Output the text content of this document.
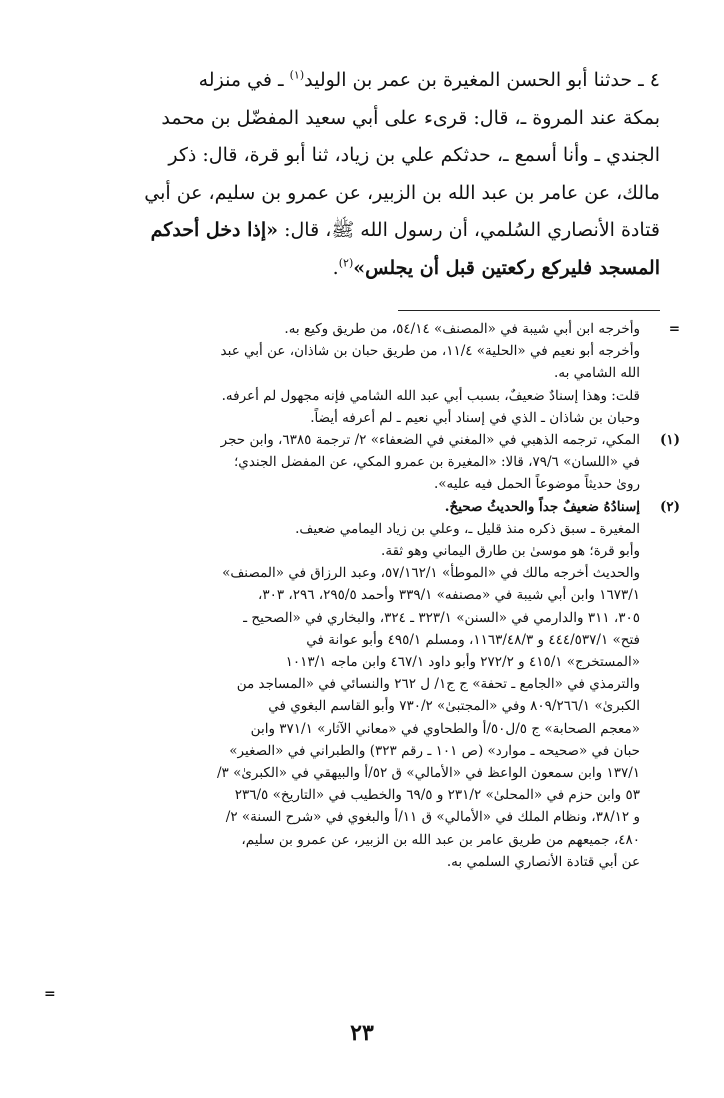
٤ ـ حدثنا أبو الحسن المغيرة بن عمر بن الوليد$^{(١)}$ ـ في منزله

بمكة عند المروة ـ، قال: قرىء على أبي سعيد المفضّل بن محمد

الجندي ـ وأنا أسمع ـ، حدثكم علي بن زياد، ثنا أبو قرة، قال: ذكر

مالك، عن عامر بن عبد الله بن الزبير، عن عمرو بن سليم، عن أبي

قتادة الأنصاري السُلمي، أن رسول الله ﷺ، قال: «إذا دخل أحدكم

المسجد فليركع ركعتين قبل أن يجلس»$^{(٢)}$.

=

وأخرجه ابن أبي شيبة في «المصنف» ٥٤/١٤، من طريق وكيع به.

وأخرجه أبو نعيم في «الحلية» ١١/٤، من طريق حبان بن شاذان، عن أبي عبد

الله الشامي به.

قلت: وهذا إسنادٌ ضعيفٌ، بسبب أبي عبد الله الشامي فإنه مجهول لم أعرفه.

وحبان بن شاذان ـ الذي في إسناد أبي نعيم ـ لم أعرفه أيضاً.

(١)

المكي، ترجمه الذهبي في «المغني في الضعفاء» ٢/ ترجمة ٦٣٨٥، وابن حجر

في «اللسان» ٧٩/٦، قالا: «المغيرة بن عمرو المكي، عن المفضل الجندي؛

روىٰ حديثاً موضوعاً الحمل فيه عليه».

(٢)

إسنادُهُ ضعيفٌ جداً والحديثُ صحيحٌ.

المغيرة ـ سبق ذكره منذ قليل ـ، وعلي بن زياد اليمامي ضعيف.

وأبو قرة؛ هو موسىٰ بن طارق اليماني وهو ثقة.

والحديث أخرجه مالك في «الموطأ» ٥٧/١٦٢/١، وعبد الرزاق في «المصنف»

١٦٧٣/١ وابن أبي شيبة في «مصنفه» ٣٣٩/١ وأحمد ٢٩٥/٥، ٢٩٦، ٣٠٣،

٣٠٥، ٣١١ والدارمي في «السنن» ٣٢٣/١ ـ ٣٢٤، والبخاري في «الصحيح ـ

فتح» ٤٤٤/٥٣٧/١ و ١١٦٣/٤٨/٣، ومسلم ٤٩٥/١ وأبو عوانة في

«المستخرج» ٤١٥/١ و ٢٧٢/٢ وأبو داود ٤٦٧/١ وابن ماجه ١٠١٣/١

والترمذي في «الجامع ـ تحفة» ج ج١/ ل ٢٦٢ والنسائي في «المساجد من

الكبرىٰ» ٨٠٩/٢٦٦/١ وفي «المجتبىٰ» ٧٣٠/٢ وأبو القاسم البغوي في

«معجم الصحابة» ج ٥/ل٥٠/أ والطحاوي في «معاني الآثار» ٣٧١/١ وابن

حبان في «صحيحه ـ موارد» (ص ١٠١ ـ رقم ٣٢٣) والطبراني في «الصغير»

١٣٧/١ وابن سمعون الواعظ في «الأمالي» ق ٥٢/أ والبيهقي في «الكبرىٰ» ٣/

٥٣ وابن حزم في «المحلىٰ» ٢٣١/٢ و ٦٩/٥ والخطيب في «التاريخ» ٢٣٦/٥

و ٣٨/١٢، ونظام الملك في «الأمالي» ق ١١/أ والبغوي في «شرح السنة» ٢/

٤٨٠، جميعهم من طريق عامر بن عبد الله بن الزبير، عن عمرو بن سليم،

عن أبي قتادة الأنصاري السلمي به.

=
٢٣
